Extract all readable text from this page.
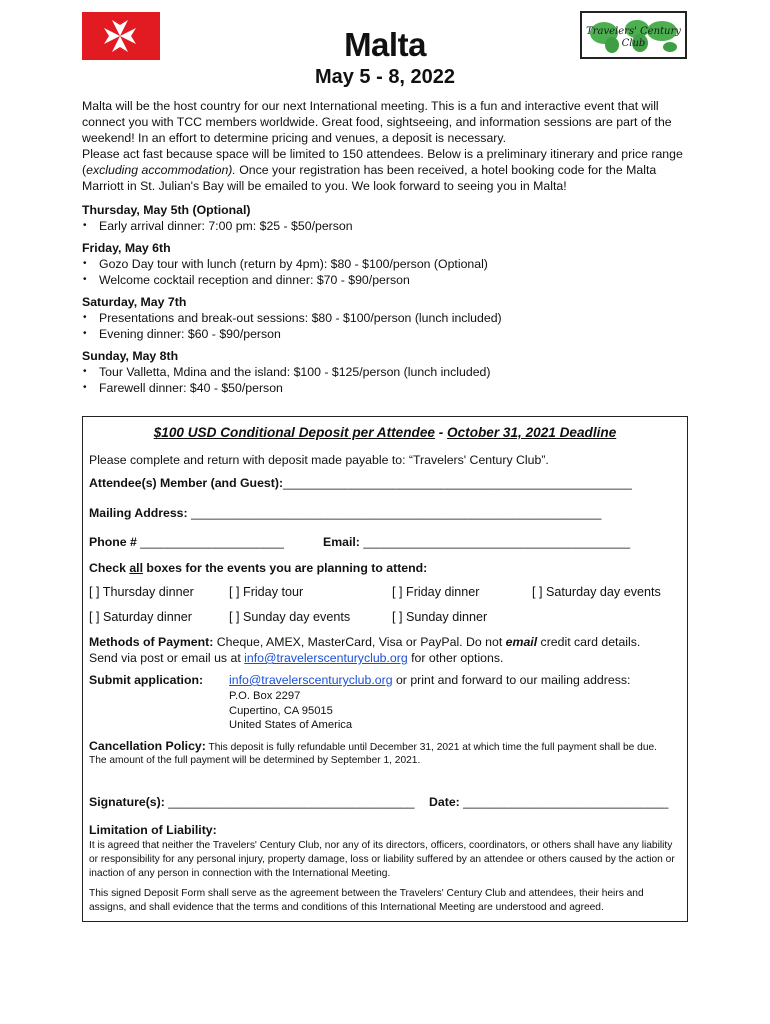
Travelers' Century Club
Malta
May 5 - 8, 2022

Malta will be the host country for our next International meeting. This is a fun and interactive event that will connect you with TCC members worldwide. Great food, sightseeing, and information sessions are part of the weekend! In an effort to determine pricing and venues, a deposit is necessary.

Please act fast because space will be limited to 150 attendees. Below is a preliminary itinerary and price range (excluding accommodation). Once your registration has been received, a hotel booking code for the Malta Marriott in St. Julian's Bay will be emailed to you. We look forward to seeing you in Malta!

Thursday, May 5th (Optional)
• Early arrival dinner: 7:00 pm: $25 - $50/person
Friday, May 6th
• Gozo Day tour with lunch (return by 4pm): $80 - $100/person (Optional)
• Welcome cocktail reception and dinner: $70 - $90/person
Saturday, May 7th
• Presentations and break-out sessions: $80 - $100/person (lunch included)
• Evening dinner: $60 - $90/person
Sunday, May 8th
• Tour Valletta, Mdina and the island: $100 - $125/person (lunch included)
• Farewell dinner: $40 - $50/person
$100 USD Conditional Deposit per Attendee - October 31, 2021 Deadline
Please complete and return with deposit made payable to: “Travelers' Century Club”.
Attendee(s) Member (and Guest):___________________________________________________
Mailing Address: ____________________________________________________________
Phone # _____________________	Email: _______________________________________
Check all boxes for the events you are planning to attend:
[ ] Thursday dinner	[ ] Friday tour	[ ] Friday dinner	[ ] Saturday day events
[ ] Saturday dinner	[ ] Sunday day events	[ ] Sunday dinner
Methods of Payment: Cheque, AMEX, MasterCard, Visa or PayPal. Do not email credit card details.
Send via post or email us at info@travelerscenturyclub.org for other options.
Submit application: info@travelerscenturyclub.org or print and forward to our mailing address:
P.O. Box 2297
Cupertino, CA 95015
United States of America
Cancellation Policy: This deposit is fully refundable until December 31, 2021 at which time the full payment shall be due.
The amount of the full payment will be determined by September 1, 2021.
Signature(s): ____________________________________ Date: ______________________________
Limitation of Liability:
It is agreed that neither the Travelers' Century Club, nor any of its directors, officers, coordinators, or others shall have any liability or responsibility for any personal injury, property damage, loss or liability suffered by an attendee or others caused by the action or inaction of any person in connection with the International Meeting.
This signed Deposit Form shall serve as the agreement between the Travelers' Century Club and attendees, their heirs and assigns, and shall evidence that the terms and conditions of this International Meeting are understood and agreed.
